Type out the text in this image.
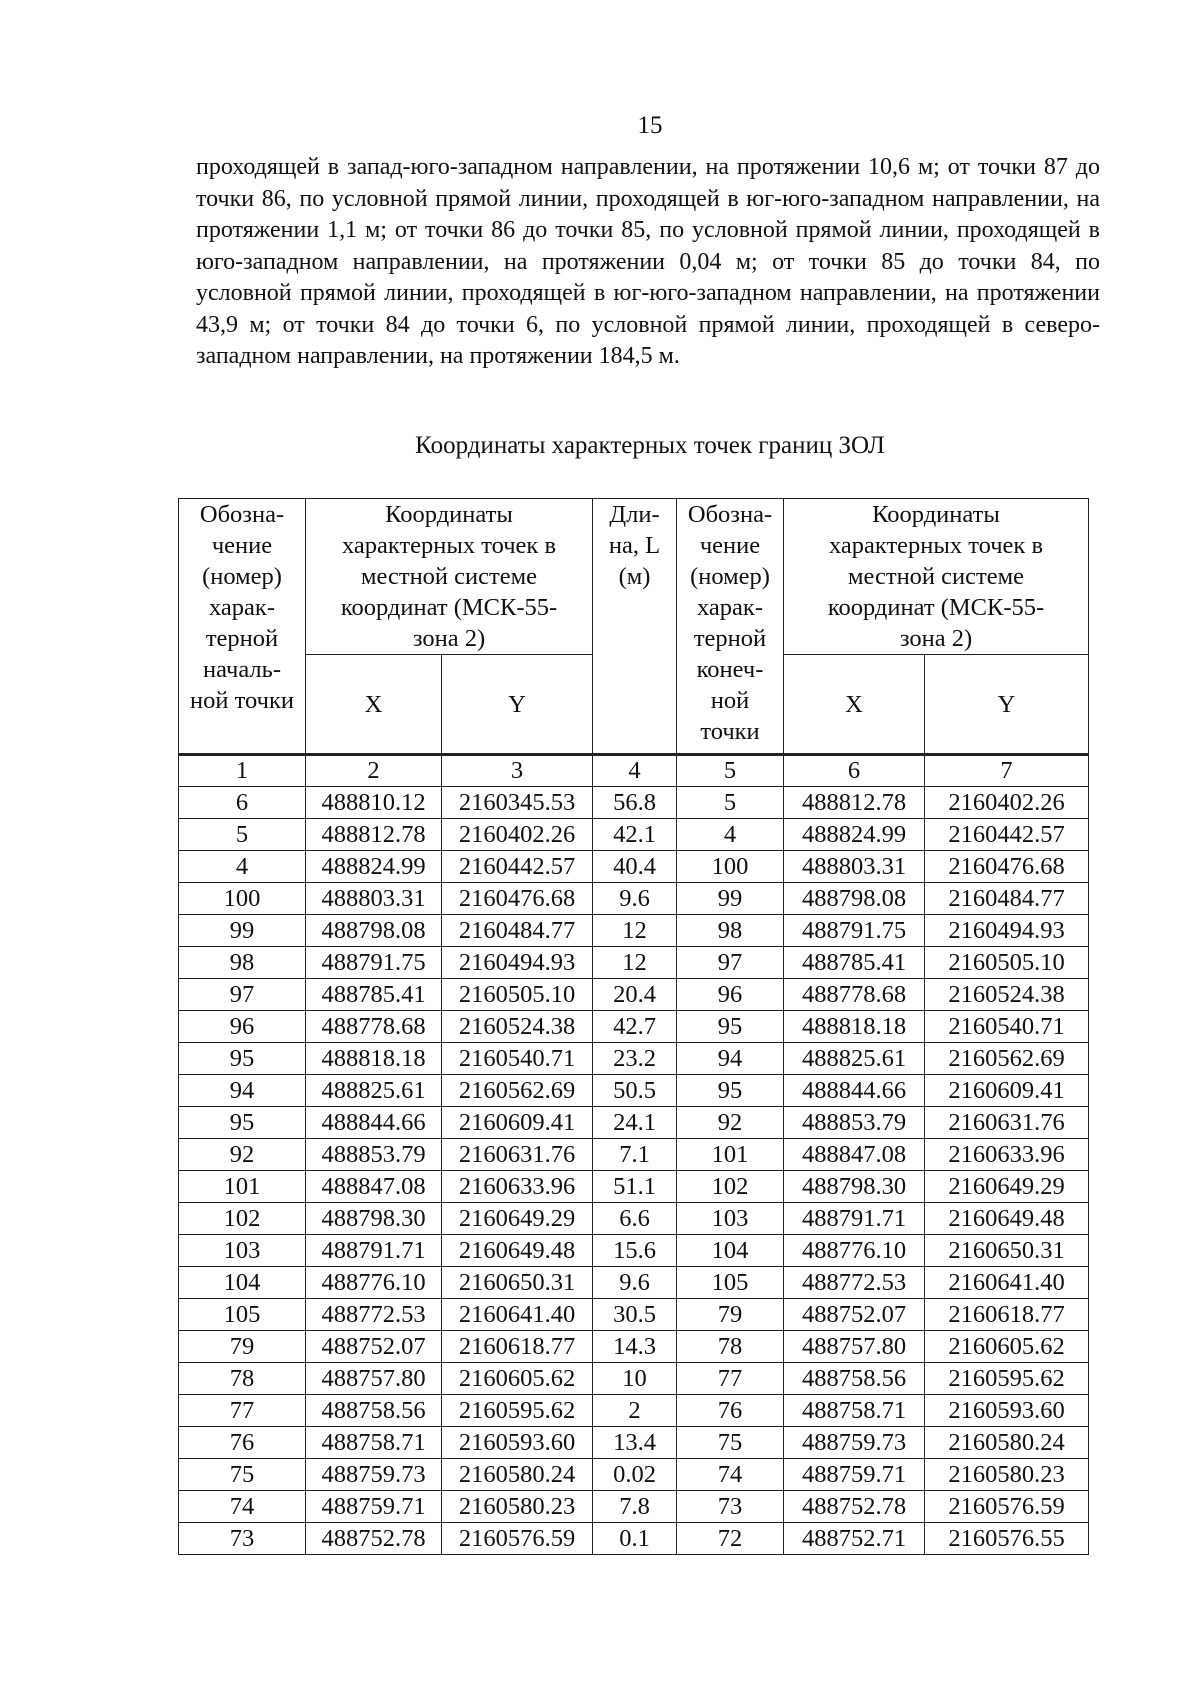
15
проходящей в запад-юго-западном направлении, на протяжении 10,6 м; от точки 87 до точки 86, по условной прямой линии, проходящей в юг-юго-западном направлении, на протяжении 1,1 м; от точки 86 до точки 85, по условной прямой линии, проходящей в юго-западном направлении, на протяжении 0,04 м; от точки 85 до точки 84, по условной прямой линии, проходящей в юг-юго-западном направлении, на протяжении 43,9 м; от точки 84 до точки 6, по условной прямой линии, проходящей в северо-западном направлении, на протяжении 184,5 м.
Координаты характерных точек границ ЗОЛ
Обозна-чение (номер) харак-терной началь-ной точки	Координаты характерных точек в местной системе координат (МСК-55-зона 2)		Дли-на, L (м)	Обозна-чение (номер) харак-терной конеч-ной точки	Координаты характерных точек в местной системе координат (МСК-55-зона 2)	
	X	Y			X	Y
1	2	3	4	5	6	7
6	488810.12	2160345.53	56.8	5	488812.78	2160402.26
5	488812.78	2160402.26	42.1	4	488824.99	2160442.57
4	488824.99	2160442.57	40.4	100	488803.31	2160476.68
100	488803.31	2160476.68	9.6	99	488798.08	2160484.77
99	488798.08	2160484.77	12	98	488791.75	2160494.93
98	488791.75	2160494.93	12	97	488785.41	2160505.10
97	488785.41	2160505.10	20.4	96	488778.68	2160524.38
96	488778.68	2160524.38	42.7	95	488818.18	2160540.71
95	488818.18	2160540.71	23.2	94	488825.61	2160562.69
94	488825.61	2160562.69	50.5	95	488844.66	2160609.41
95	488844.66	2160609.41	24.1	92	488853.79	2160631.76
92	488853.79	2160631.76	7.1	101	488847.08	2160633.96
101	488847.08	2160633.96	51.1	102	488798.30	2160649.29
102	488798.30	2160649.29	6.6	103	488791.71	2160649.48
103	488791.71	2160649.48	15.6	104	488776.10	2160650.31
104	488776.10	2160650.31	9.6	105	488772.53	2160641.40
105	488772.53	2160641.40	30.5	79	488752.07	2160618.77
79	488752.07	2160618.77	14.3	78	488757.80	2160605.62
78	488757.80	2160605.62	10	77	488758.56	2160595.62
77	488758.56	2160595.62	2	76	488758.71	2160593.60
76	488758.71	2160593.60	13.4	75	488759.73	2160580.24
75	488759.73	2160580.24	0.02	74	488759.71	2160580.23
74	488759.71	2160580.23	7.8	73	488752.78	2160576.59
73	488752.78	2160576.59	0.1	72	488752.71	2160576.55
